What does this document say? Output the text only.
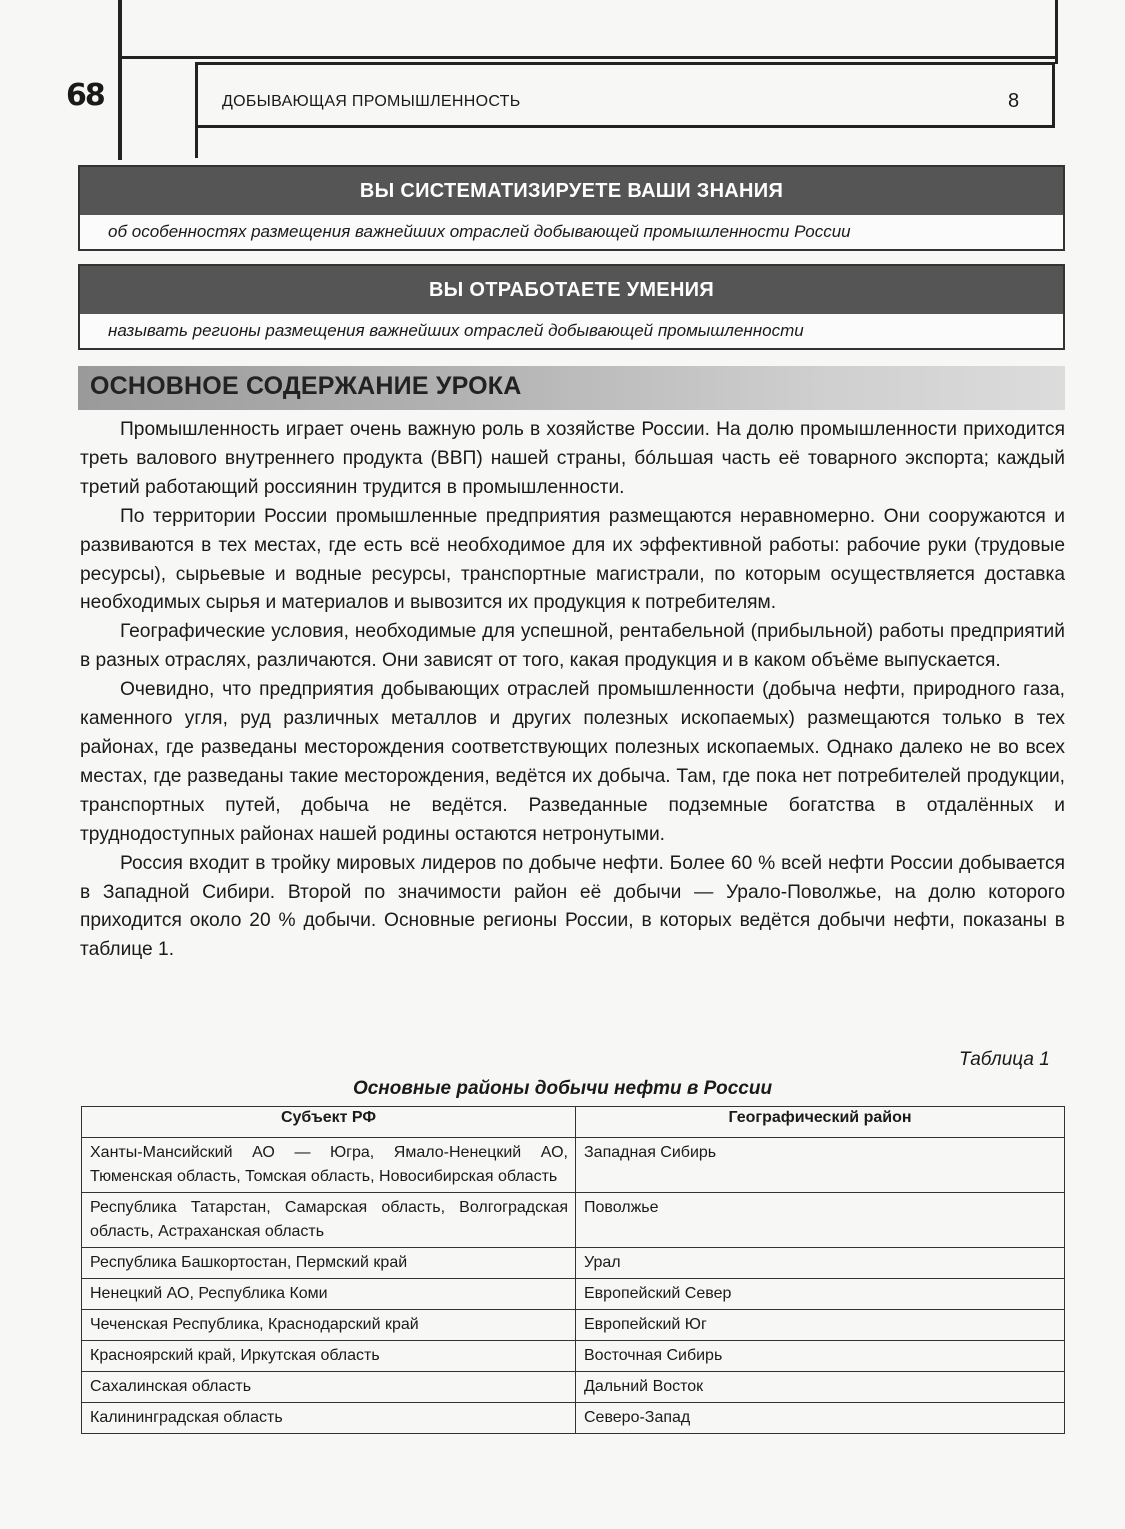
68	ДОБЫВАЮЩАЯ ПРОМЫШЛЕННОСТЬ	8
ВЫ СИСТЕМАТИЗИРУЕТЕ ВАШИ ЗНАНИЯ
об особенностях размещения важнейших отраслей добывающей промышленности России
ВЫ ОТРАБОТАЕТЕ УМЕНИЯ
называть регионы размещения важнейших отраслей добывающей промышленности
ОСНОВНОЕ СОДЕРЖАНИЕ УРОКА

Промышленность играет очень важную роль в хозяйстве России. На долю промышленности приходится треть валового внутреннего продукта (ВВП) нашей страны, бóльшая часть её товарного экспорта; каждый третий работающий россиянин трудится в промышленности.

По территории России промышленные предприятия размещаются неравномерно. Они сооружаются и развиваются в тех местах, где есть всё необходимое для их эффективной работы: рабочие руки (трудовые ресурсы), сырьевые и водные ресурсы, транспортные магистрали, по которым осуществляется доставка необходимых сырья и материалов и вывозится их продукция к потребителям.

Географические условия, необходимые для успешной, рентабельной (прибыльной) работы предприятий в разных отраслях, различаются. Они зависят от того, какая продукция и в каком объёме выпускается.

Очевидно, что предприятия добывающих отраслей промышленности (добыча нефти, природного газа, каменного угля, руд различных металлов и других полезных ископаемых) размещаются только в тех районах, где разведаны месторождения соответствующих полезных ископаемых. Однако далеко не во всех местах, где разведаны такие месторождения, ведётся их добыча. Там, где пока нет потребителей продукции, транспортных путей, добыча не ведётся. Разведанные подземные богатства в отдалённых и труднодоступных районах нашей родины остаются нетронутыми.

Россия входит в тройку мировых лидеров по добыче нефти. Более 60 % всей нефти России добывается в Западной Сибири. Второй по значимости район её добычи — Урало-Поволжье, на долю которого приходится около 20 % добычи. Основные регионы России, в которых ведётся добычи нефти, показаны в таблице 1.

Таблица 1
Основные районы добычи нефти в России
Субъект РФ	Географический район
Ханты-Мансийский АО — Югра, Ямало-Ненецкий АО, Тюменская область, Томская область, Новосибирская область	Западная Сибирь
Республика Татарстан, Самарская область, Волгоградская область, Астраханская область	Поволжье
Республика Башкортостан, Пермский край	Урал
Ненецкий АО, Республика Коми	Европейский Север
Чеченская Республика, Краснодарский край	Европейский Юг
Красноярский край, Иркутская область	Восточная Сибирь
Сахалинская область	Дальний Восток
Калининградская область	Северо-Запад
